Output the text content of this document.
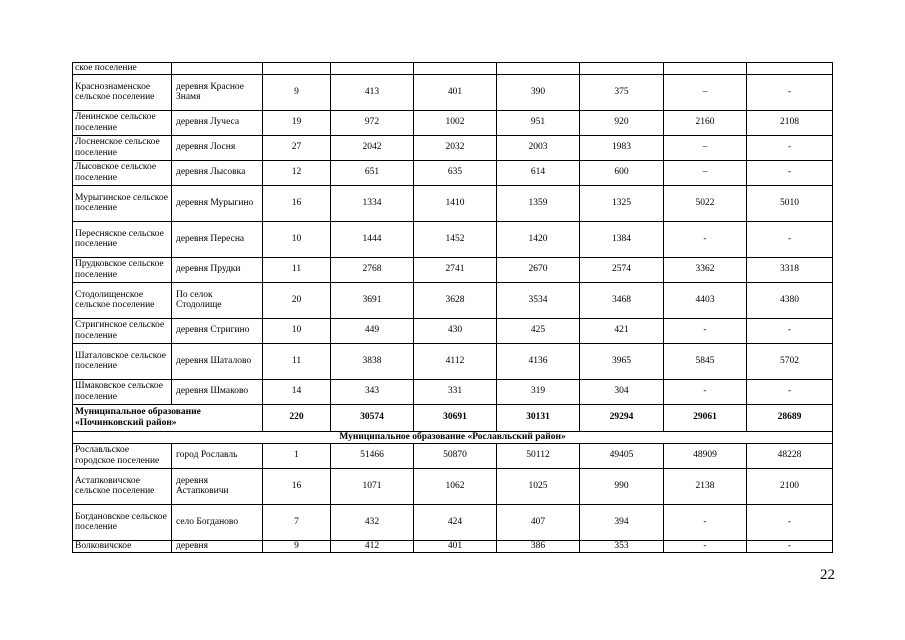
ское поселение								
Краснознаменское сельское поселение	деревня Красное Знамя	9	413	401	390	375	–	-
Ленинское сельское поселение	деревня Лучеса	19	972	1002	951	920	2160	2108
Лосненское сельское поселение	деревня Лосня	27	2042	2032	2003	1983	–	-
Лысовское сельское поселение	деревня Лысовка	12	651	635	614	600	–	-
Мурыгинское сельское поселение	деревня Мурыгино	16	1334	1410	1359	1325	5022	5010
Пересняское сельское поселение	деревня Переснa	10	1444	1452	1420	1384	-	-
Прудковское сельское поселение	деревня Прудки	11	2768	2741	2670	2574	3362	3318
Стодолищенское сельское поселение	По селок Стодолище	20	3691	3628	3534	3468	4403	4380
Стригинское сельское поселение	деревня Стригино	10	449	430	425	421	-	-
Шаталовское сельское поселение	деревня Шаталово	11	3838	4112	4136	3965	5845	5702
Шмаковское сельское поселение	деревня Шмаково	14	343	331	319	304	-	-
Муниципальное образование «Починковский район»		220	30574	30691	30131	29294	29061	28689
Муниципальное образование «Рославльский район»								
Рославльское городское поселение	город Рославль	1	51466	50870	50112	49405	48909	48228
Астапковичское сельское поселение	деревня Астапковичи	16	1071	1062	1025	990	2138	2100
Богдановское сельское поселение	село Богданово	7	432	424	407	394	-	-
Волковичское	деревня	9	412	401	386	353	-	-
22
